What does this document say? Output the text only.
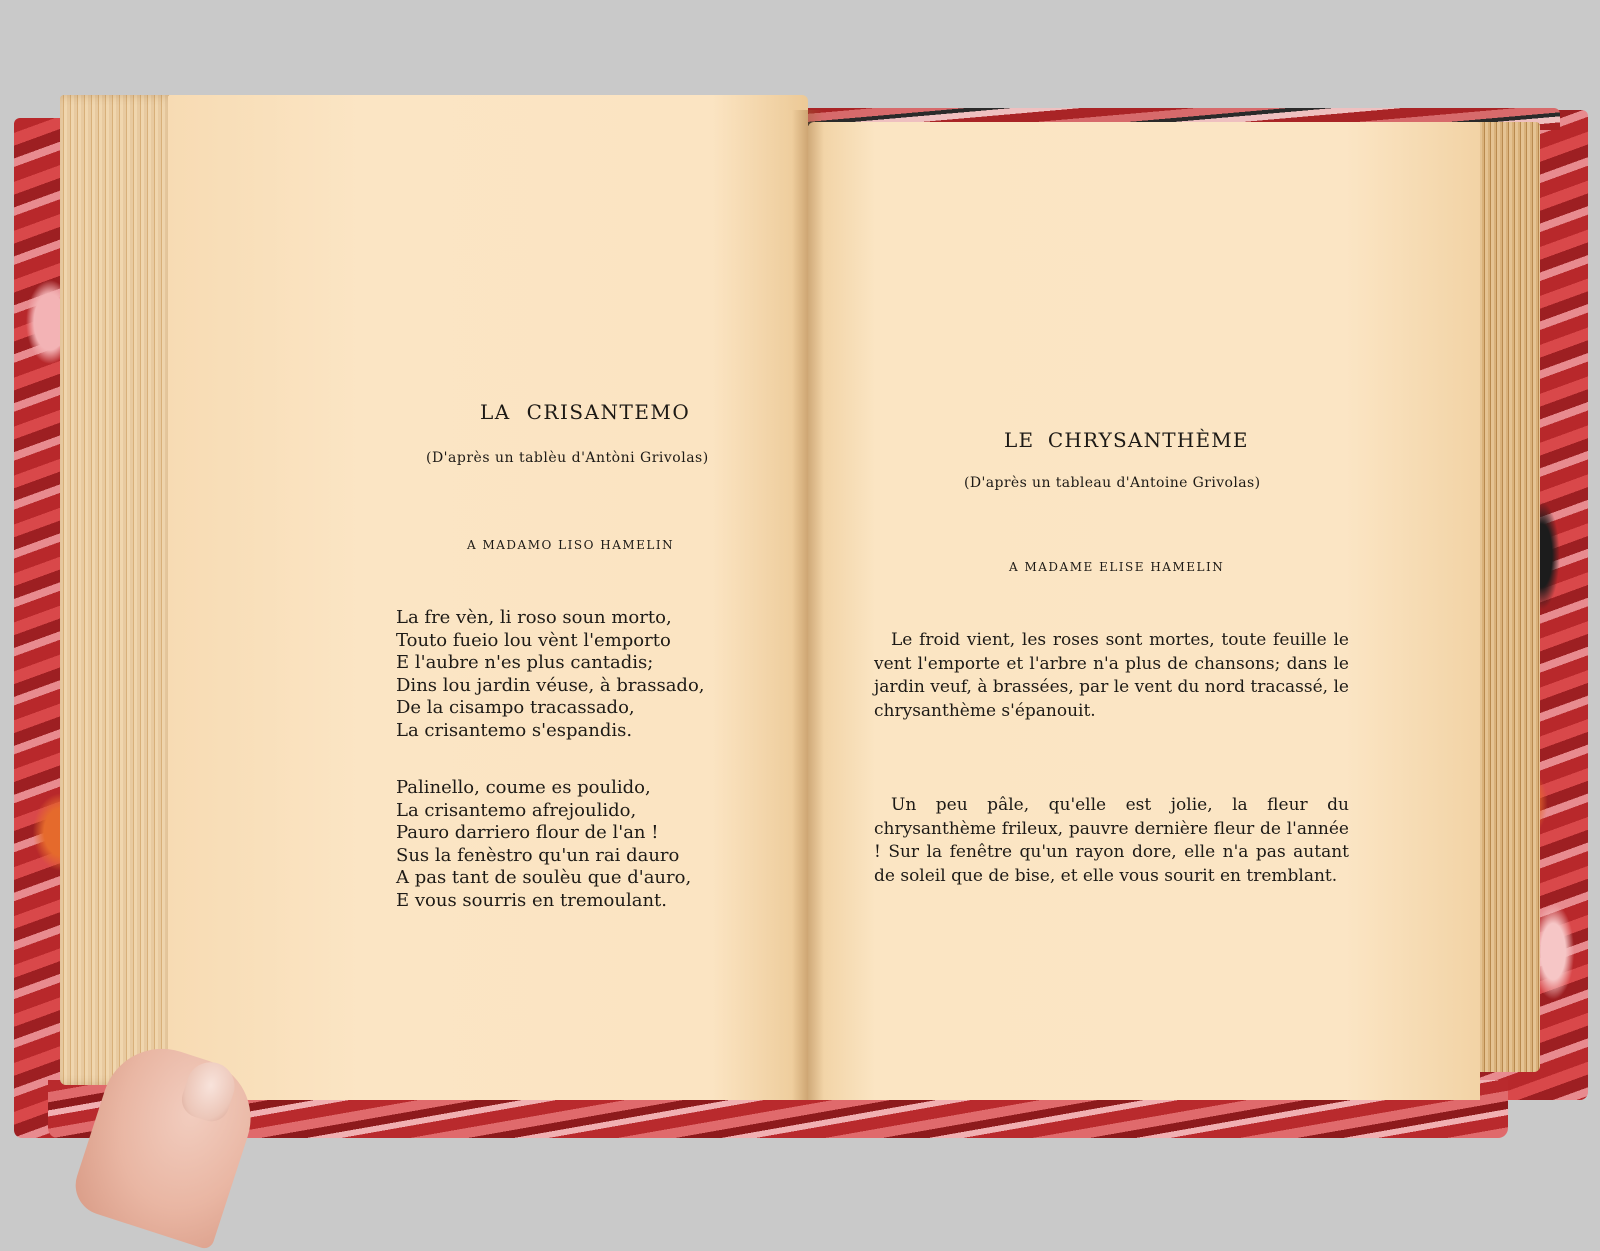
LA CRISANTEMO
(D'après un tablèu d'Antòni Grivolas)
A MADAMO LISO HAMELIN
La fre vèn, li roso soun morto,
Touto fueio lou vènt l'emporto
E l'aubre n'es plus cantadis;
Dins lou jardin véuse, à brassado,
De la cisampo tracassado,
La crisantemo s'espandis.
Palinello, coume es poulido,
La crisantemo afrejoulido,
Pauro darriero flour de l'an !
Sus la fenèstro qu'un rai dauro
A pas tant de soulèu que d'auro,
E vous sourris en tremoulant.
LE CHRYSANTHÈME
(D'après un tableau d'Antoine Grivolas)
A MADAME ELISE HAMELIN
Le froid vient, les roses sont mortes, toute feuille le vent l'emporte et l'arbre n'a plus de chansons; dans le jardin veuf, à brassées, par le vent du nord tracassé, le chrysanthème s'épanouit.
Un peu pâle, qu'elle est jolie, la fleur du chrysanthème frileux, pauvre dernière fleur de l'année ! Sur la fenêtre qu'un rayon dore, elle n'a pas autant de soleil que de bise, et elle vous sourit en tremblant.
